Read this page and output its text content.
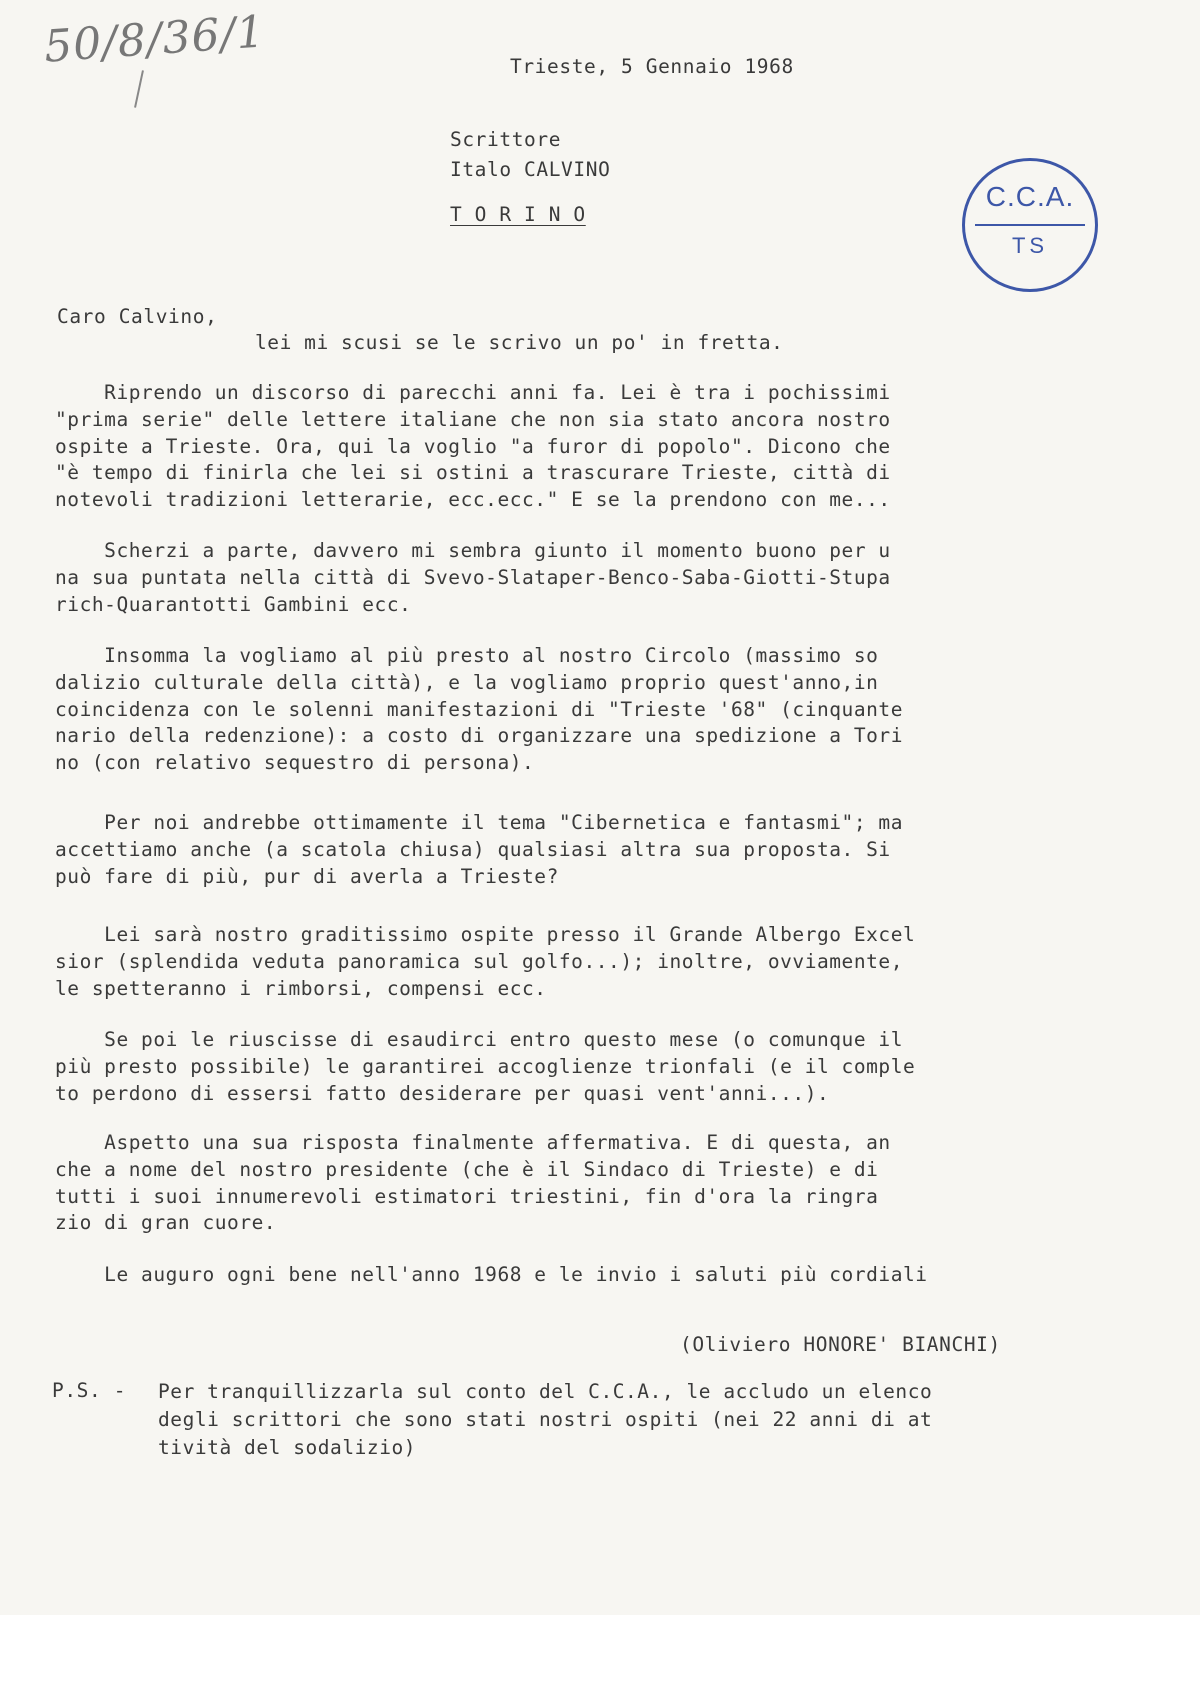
50/8/36/1	Trieste, 5 Gennaio 1968
Scrittore
Italo CALVINO
T O R I N O
C.C.A.
TS
Caro Calvino,
lei mi scusi se le scrivo un po' in fretta.
Riprendo un discorso di parecchi anni fa. Lei è tra i pochissimi
"prima serie" delle lettere italiane che non sia stato ancora nostro
ospite a Trieste. Ora, qui la voglio "a furor di popolo". Dicono che
"è tempo di finirla che lei si ostini a trascurare Trieste, città di
notevoli tradizioni letterarie, ecc.ecc." E se la prendono con me...
Scherzi a parte, davvero mi sembra giunto il momento buono per u
na sua puntata nella città di Svevo-Slataper-Benco-Saba-Giotti-Stupa
rich-Quarantotti Gambini ecc.
Insomma la vogliamo al più presto al nostro Circolo (massimo so
dalizio culturale della città), e la vogliamo proprio quest'anno,in
coincidenza con le solenni manifestazioni di "Trieste '68" (cinquante
nario della redenzione): a costo di organizzare una spedizione a Tori
no (con relativo sequestro di persona).
Per noi andrebbe ottimamente il tema "Cibernetica e fantasmi"; ma
accettiamo anche (a scatola chiusa) qualsiasi altra sua proposta. Si
può fare di più, pur di averla a Trieste?
Lei sarà nostro graditissimo ospite presso il Grande Albergo Excel
sior (splendida veduta panoramica sul golfo...); inoltre, ovviamente,
le spetteranno i rimborsi, compensi ecc.
Se poi le riuscisse di esaudirci entro questo mese (o comunque il
più presto possibile) le garantirei accoglienze trionfali (e il comple
to perdono di essersi fatto desiderare per quasi vent'anni...).
Aspetto una sua risposta finalmente affermativa. E di questa, an
che a nome del nostro presidente (che è il Sindaco di Trieste) e di
tutti i suoi innumerevoli estimatori triestini, fin d'ora la ringra
zio di gran cuore.
Le auguro ogni bene nell'anno 1968 e le invio i saluti più cordiali
(Oliviero HONORE' BIANCHI)
P.S. - Per tranquillizzarla sul conto del C.C.A., le accludo un elenco
degli scrittori che sono stati nostri ospiti (nei 22 anni di at
tività del sodalizio)
